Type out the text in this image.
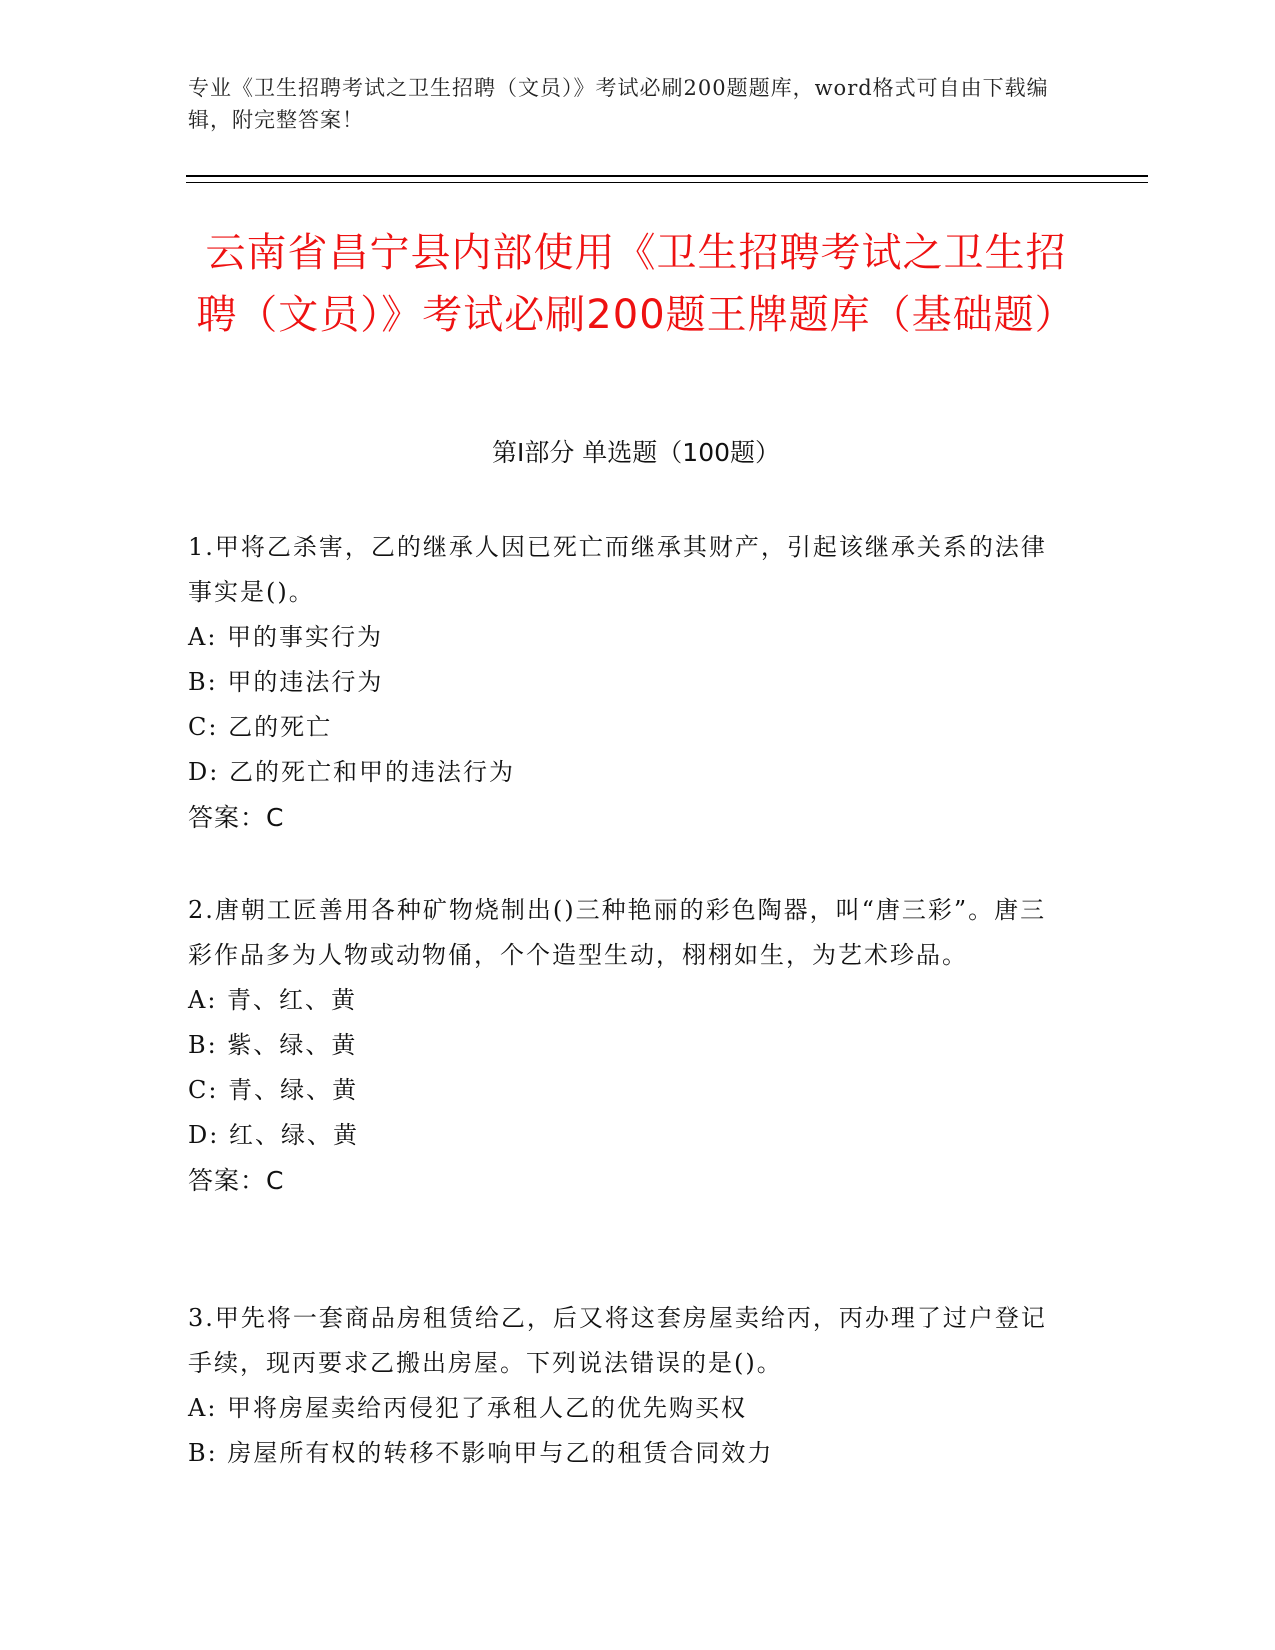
专业《卫生招聘考试之卫生招聘（文员）》考试必刷200题题库，word格式可自由下载编辑，附完整答案！
云南省昌宁县内部使用《卫生招聘考试之卫生招聘（文员）》考试必刷200题王牌题库（基础题）
第Ⅰ部分 单选题（100题）
1.甲将乙杀害，乙的继承人因已死亡而继承其财产，引起该继承关系的法律事实是()。
A: 甲的事实行为
B: 甲的违法行为
C: 乙的死亡
D: 乙的死亡和甲的违法行为
答案：C
2.唐朝工匠善用各种矿物烧制出()三种艳丽的彩色陶器，叫“唐三彩”。唐三彩作品多为人物或动物俑，个个造型生动，栩栩如生，为艺术珍品。
A: 青、红、黄
B: 紫、绿、黄
C: 青、绿、黄
D: 红、绿、黄
答案：C
3.甲先将一套商品房租赁给乙，后又将这套房屋卖给丙，丙办理了过户登记手续，现丙要求乙搬出房屋。下列说法错误的是()。
A: 甲将房屋卖给丙侵犯了承租人乙的优先购买权
B: 房屋所有权的转移不影响甲与乙的租赁合同效力
